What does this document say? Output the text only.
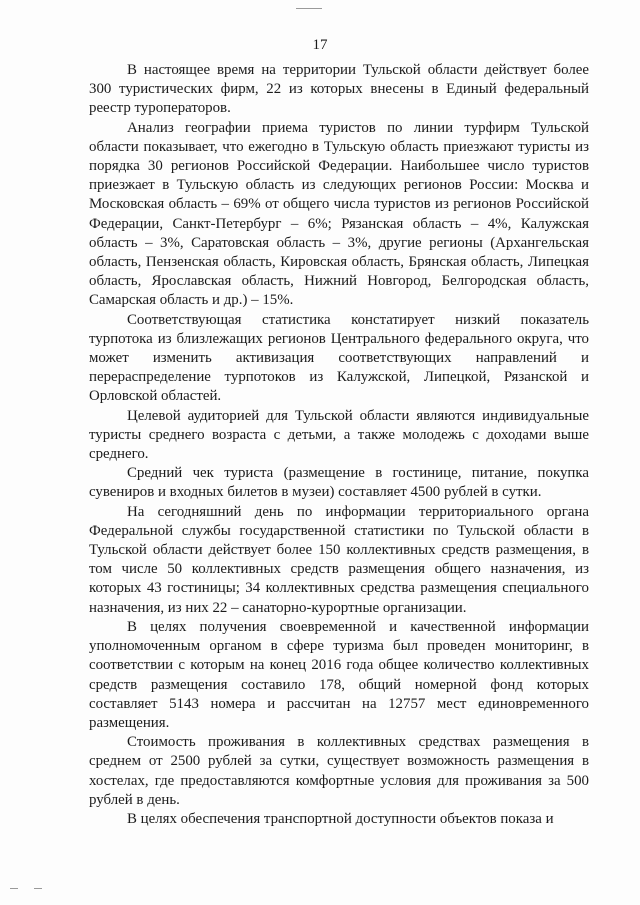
17

В настоящее время на территории Тульской области действует более 300 туристических фирм, 22 из которых внесены в Единый федеральный реестр туроператоров.

Анализ географии приема туристов по линии турфирм Тульской области показывает, что ежегодно в Тульскую область приезжают туристы из порядка 30 регионов Российской Федерации. Наибольшее число туристов приезжает в Тульскую область из следующих регионов России: Москва и Московская область – 69% от общего числа туристов из регионов Российской Федерации, Санкт-Петербург – 6%; Рязанская область – 4%, Калужская область – 3%, Саратовская область – 3%, другие регионы (Архангельская область, Пензенская область, Кировская область, Брянская область, Липецкая область, Ярославская область, Нижний Новгород, Белгородская область, Самарская область и др.) – 15%.

Соответствующая статистика констатирует низкий показатель турпотока из близлежащих регионов Центрального федерального округа, что может изменить активизация соответствующих направлений и перераспределение турпотоков из Калужской, Липецкой, Рязанской и Орловской областей.

Целевой аудиторией для Тульской области являются индивидуальные туристы среднего возраста с детьми, а также молодежь с доходами выше среднего.

Средний чек туриста (размещение в гостинице, питание, покупка сувениров и входных билетов в музеи) составляет 4500 рублей в сутки.

На сегодняшний день по информации территориального органа Федеральной службы государственной статистики по Тульской области в Тульской области действует более 150 коллективных средств размещения, в том числе 50 коллективных средств размещения общего назначения, из которых 43 гостиницы; 34 коллективных средства размещения специального назначения, из них 22 – санаторно-курортные организации.

В целях получения своевременной и качественной информации уполномоченным органом в сфере туризма был проведен мониторинг, в соответствии с которым на конец 2016 года общее количество коллективных средств размещения составило 178, общий номерной фонд которых составляет 5143 номера и рассчитан на 12757 мест единовременного размещения.

Стоимость проживания в коллективных средствах размещения в среднем от 2500 рублей за сутки, существует возможность размещения в хостелах, где предоставляются комфортные условия для проживания за 500 рублей в день.

В целях обеспечения транспортной доступности объектов показа и
